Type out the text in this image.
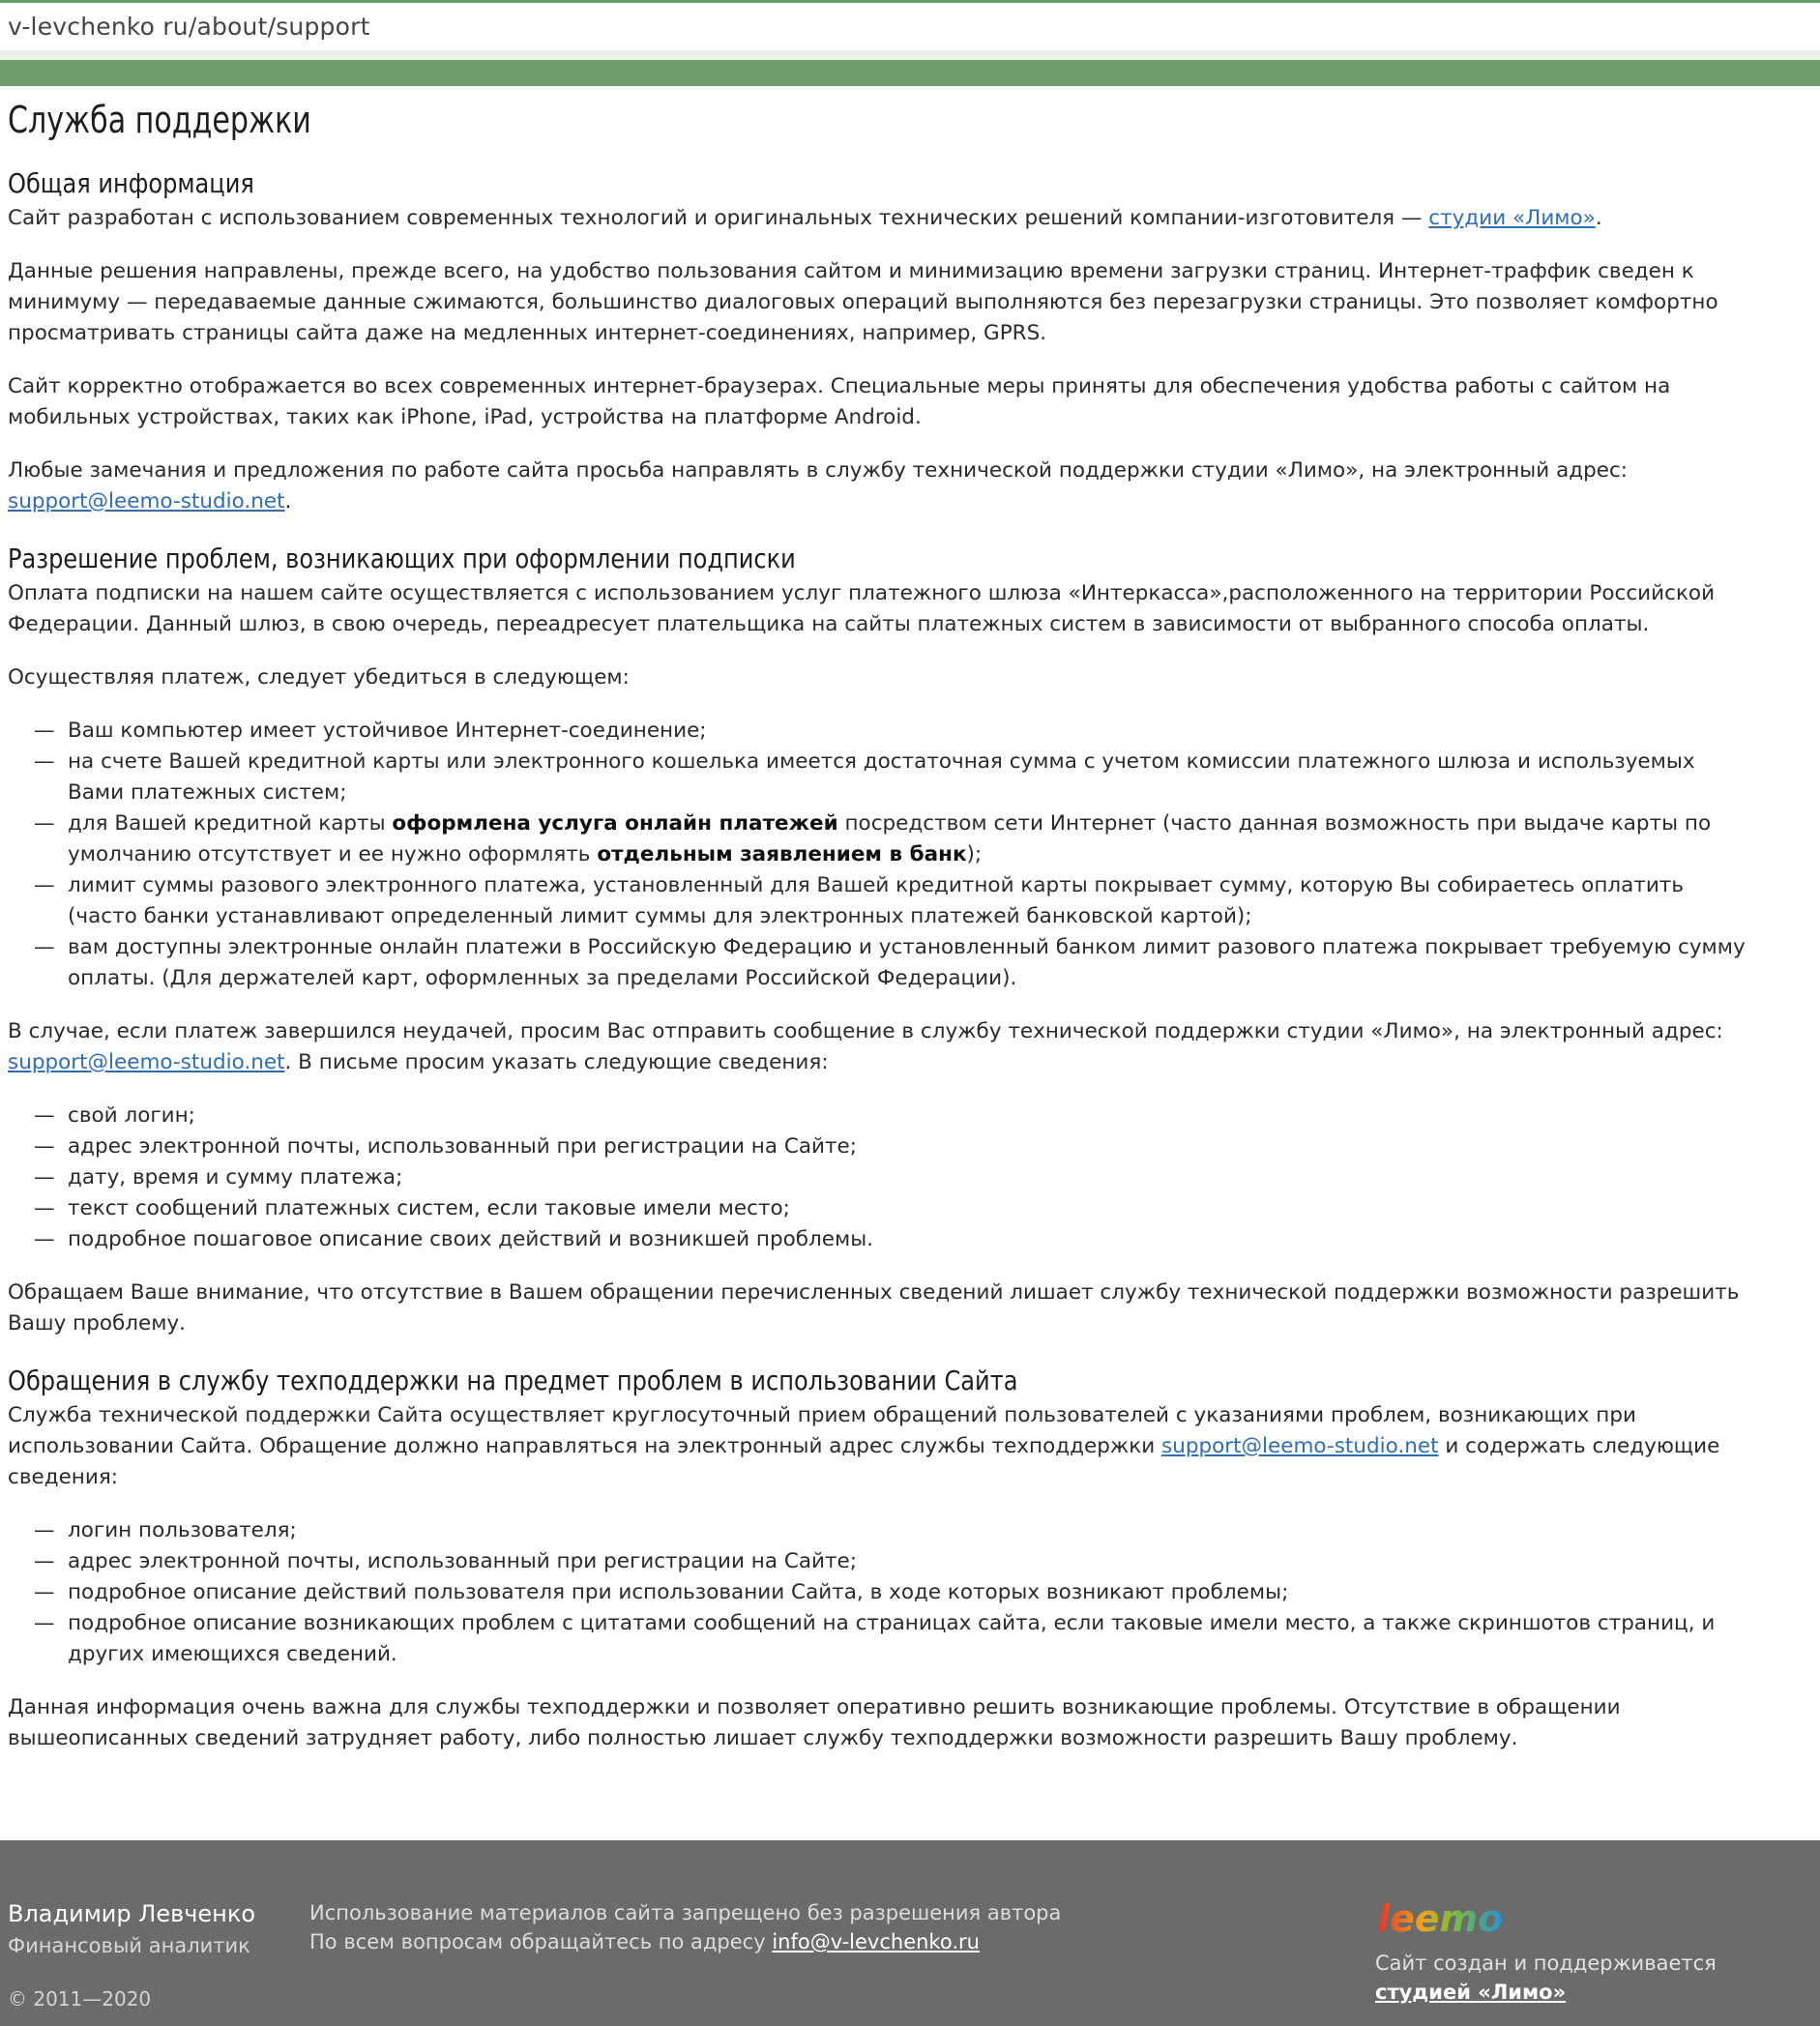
v-levchenko ru/about/support
Служба поддержки
Общая информация

Сайт разработан с использованием современных технологий и оригинальных технических решений компании-изготовителя — студии «Лимо».

Данные решения направлены, прежде всего, на удобство пользования сайтом и минимизацию времени загрузки страниц. Интернет-траффик сведен к минимуму — передаваемые данные сжимаются, большинство диалоговых операций выполняются без перезагрузки страницы. Это позволяет комфортно просматривать страницы сайта даже на медленных интернет-соединениях, например, GPRS.

Сайт корректно отображается во всех современных интернет-браузерах. Специальные меры приняты для обеспечения удобства работы с сайтом на мобильных устройствах, таких как iPhone, iPad, устройства на платформе Android.

Любые замечания и предложения по работе сайта просьба направлять в службу технической поддержки студии «Лимо», на электронный адрес: support@leemo-studio.net.

Разрешение проблем, возникающих при оформлении подписки

Оплата подписки на нашем сайте осуществляется с использованием услуг платежного шлюза «Интеркасса»,расположенного на территории Российской Федерации. Данный шлюз, в свою очередь, переадресует плательщика на сайты платежных систем в зависимости от выбранного способа оплаты.

Осуществляя платеж, следует убедиться в следующем:

— Ваш компьютер имеет устойчивое Интернет-соединение;
— на счете Вашей кредитной карты или электронного кошелька имеется достаточная сумма с учетом комиссии платежного шлюза и используемых Вами платежных систем;
— для Вашей кредитной карты оформлена услуга онлайн платежей посредством сети Интернет (часто данная возможность при выдаче карты по умолчанию отсутствует и ее нужно оформлять отдельным заявлением в банк);
— лимит суммы разового электронного платежа, установленный для Вашей кредитной карты покрывает сумму, которую Вы собираетесь оплатить (часто банки устанавливают определенный лимит суммы для электронных платежей банковской картой);
— вам доступны электронные онлайн платежи в Российскую Федерацию и установленный банком лимит разового платежа покрывает требуемую сумму оплаты. (Для держателей карт, оформленных за пределами Российской Федерации).

В случае, если платеж завершился неудачей, просим Вас отправить сообщение в службу технической поддержки студии «Лимо», на электронный адрес: support@leemo-studio.net. В письме просим указать следующие сведения:

— свой логин;
— адрес электронной почты, использованный при регистрации на Сайте;
— дату, время и сумму платежа;
— текст сообщений платежных систем, если таковые имели место;
— подробное пошаговое описание своих действий и возникшей проблемы.

Обращаем Ваше внимание, что отсутствие в Вашем обращении перечисленных сведений лишает службу технической поддержки возможности разрешить Вашу проблему.

Обращения в службу техподдержки на предмет проблем в использовании Сайта

Служба технической поддержки Сайта осуществляет круглосуточный прием обращений пользователей с указаниями проблем, возникающих при использовании Сайта. Обращение должно направляться на электронный адрес службы техподдержки support@leemo-studio.net и содержать следующие сведения:

— логин пользователя;
— адрес электронной почты, использованный при регистрации на Сайте;
— подробное описание действий пользователя при использовании Сайта, в ходе которых возникают проблемы;
— подробное описание возникающих проблем с цитатами сообщений на страницах сайта, если таковые имели место, а также скриншотов страниц, и других имеющихся сведений.

Данная информация очень важна для службы техподдержки и позволяет оперативно решить возникающие проблемы. Отсутствие в обращении вышеописанных сведений затрудняет работу, либо полностью лишает службу техподдержки возможности разрешить Вашу проблему.

Владимир Левченко
Финансовый аналитик
© 2011—2020
Использование материалов сайта запрещено без разрешения автора
По всем вопросам обращайтесь по адресу info@v-levchenko.ru
leemo
Сайт создан и поддерживается
студией «Лимо»
